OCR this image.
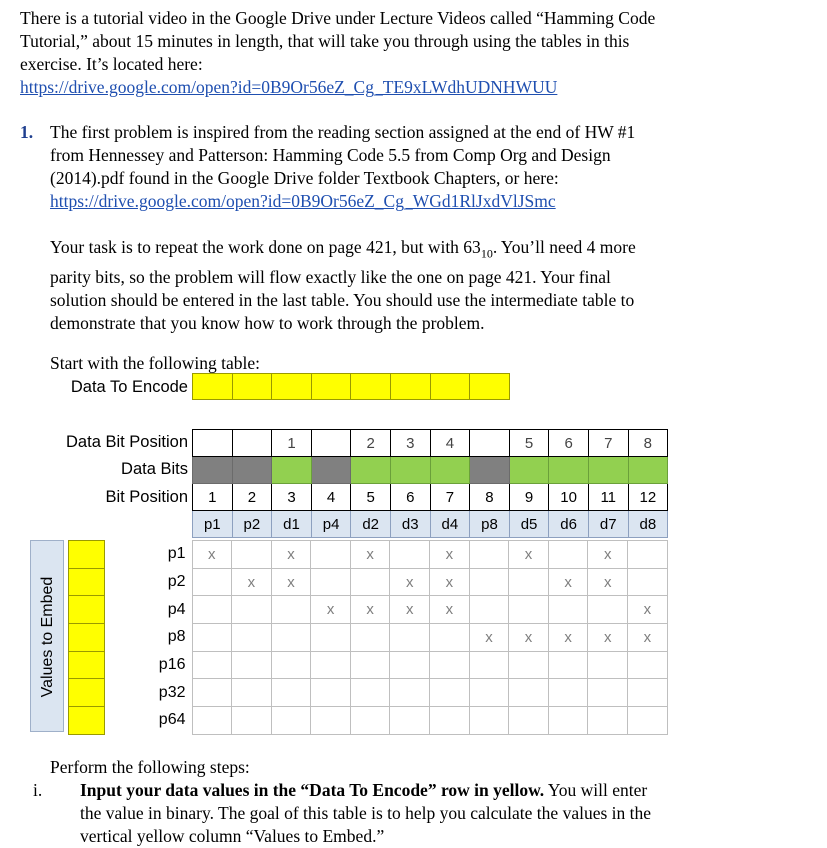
There is a tutorial video in the Google Drive under Lecture Videos called “Hamming Code
Tutorial,” about 15 minutes in length, that will take you through using the tables in this
exercise. It’s located here:
https://drive.google.com/open?id=0B9Or56eZ_Cg_TE9xLWdhUDNHWUU
1. The first problem is inspired from the reading section assigned at the end of HW #1
from Hennessey and Patterson: Hamming Code 5.5 from Comp Org and Design
(2014).pdf found in the Google Drive folder Textbook Chapters, or here:
https://drive.google.com/open?id=0B9Or56eZ_Cg_WGd1RlJxdVlJSmc
Your task is to repeat the work done on page 421, but with $63_{10}$. You’ll need 4 more
parity bits, so the problem will flow exactly like the one on page 421. Your final
solution should be entered in the last table. You should use the intermediate table to
demonstrate that you know how to work through the problem.
Start with the following table:
Data To Encode

Data Bit Position
Data Bits
Bit Position
		1		2	3	4		5	6	7	8

1	2	3	4	5	6	7	8	9	10	11	12
p1	p2	d1	p4	d2	d3	d4	p8	d5	d6	d7	d8
Values to Embed

p1	x		x		x		x		x		x	
p2		x	x			x	x			x	x	
p4				x	x	x	x					x
p8								x	x	x	x	x
p16												
p32												
p64												
Perform the following steps:
i. Input your data values in the “Data To Encode” row in yellow. You will enter
the value in binary. The goal of this table is to help you calculate the values in the
vertical yellow column “Values to Embed.”
